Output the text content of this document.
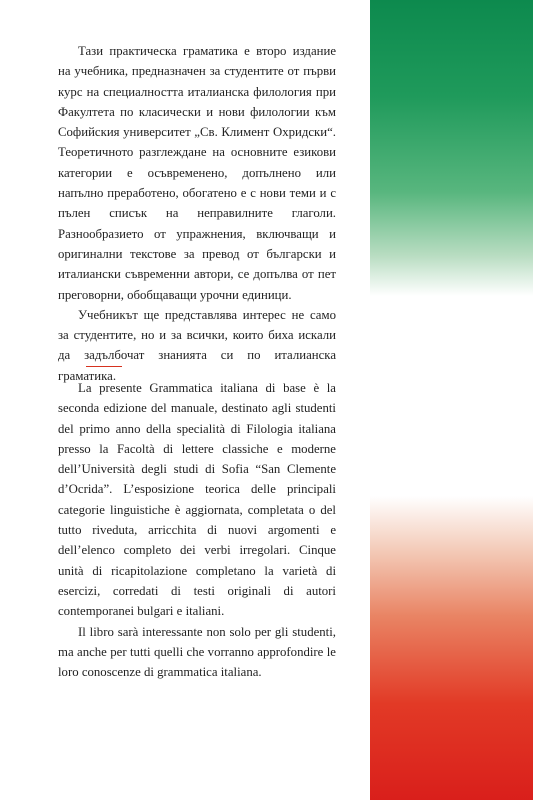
Тази практическа граматика е второ издание на учебника, предназначен за студентите от първи курс на специалността италианска филология при Факултета по класически и нови филологии към Софийския университет „Св. Климент Охридски“. Теоретичното разглеждане на основните езикови категории е осъвременено, допълнено или напълно преработено, обогатено е с нови теми и с пълен списък на неправилните глаголи. Разнообразието от упражнения, включващи и оригинални текстове за превод от български и италиански съвременни автори, се допълва от пет преговорни, обобщаващи урочни единици.

Учебникът ще представлява интерес не само за студентите, но и за всички, които биха искали да задълбочат знанията си по италианска граматика.

La presente Grammatica italiana di base è la seconda edizione del manuale, destinato agli studenti del primo anno della specialità di Filologia italiana presso la Facoltà di lettere classiche e moderne dell’Università degli studi di Sofia “San Clemente d’Ocrida”. L’esposizione teorica delle principali categorie linguistiche è aggiornata, completata o del tutto riveduta, arricchita di nuovi argomenti e dell’elenco completo dei verbi irregolari. Cinque unità di ricapitolazione completano la varietà di esercizi, corredati di testi originali di autori contemporanei bulgari e italiani.

Il libro sarà interessante non solo per gli studenti, ma anche per tutti quelli che vorranno approfondire le loro conoscenze di grammatica italiana.
